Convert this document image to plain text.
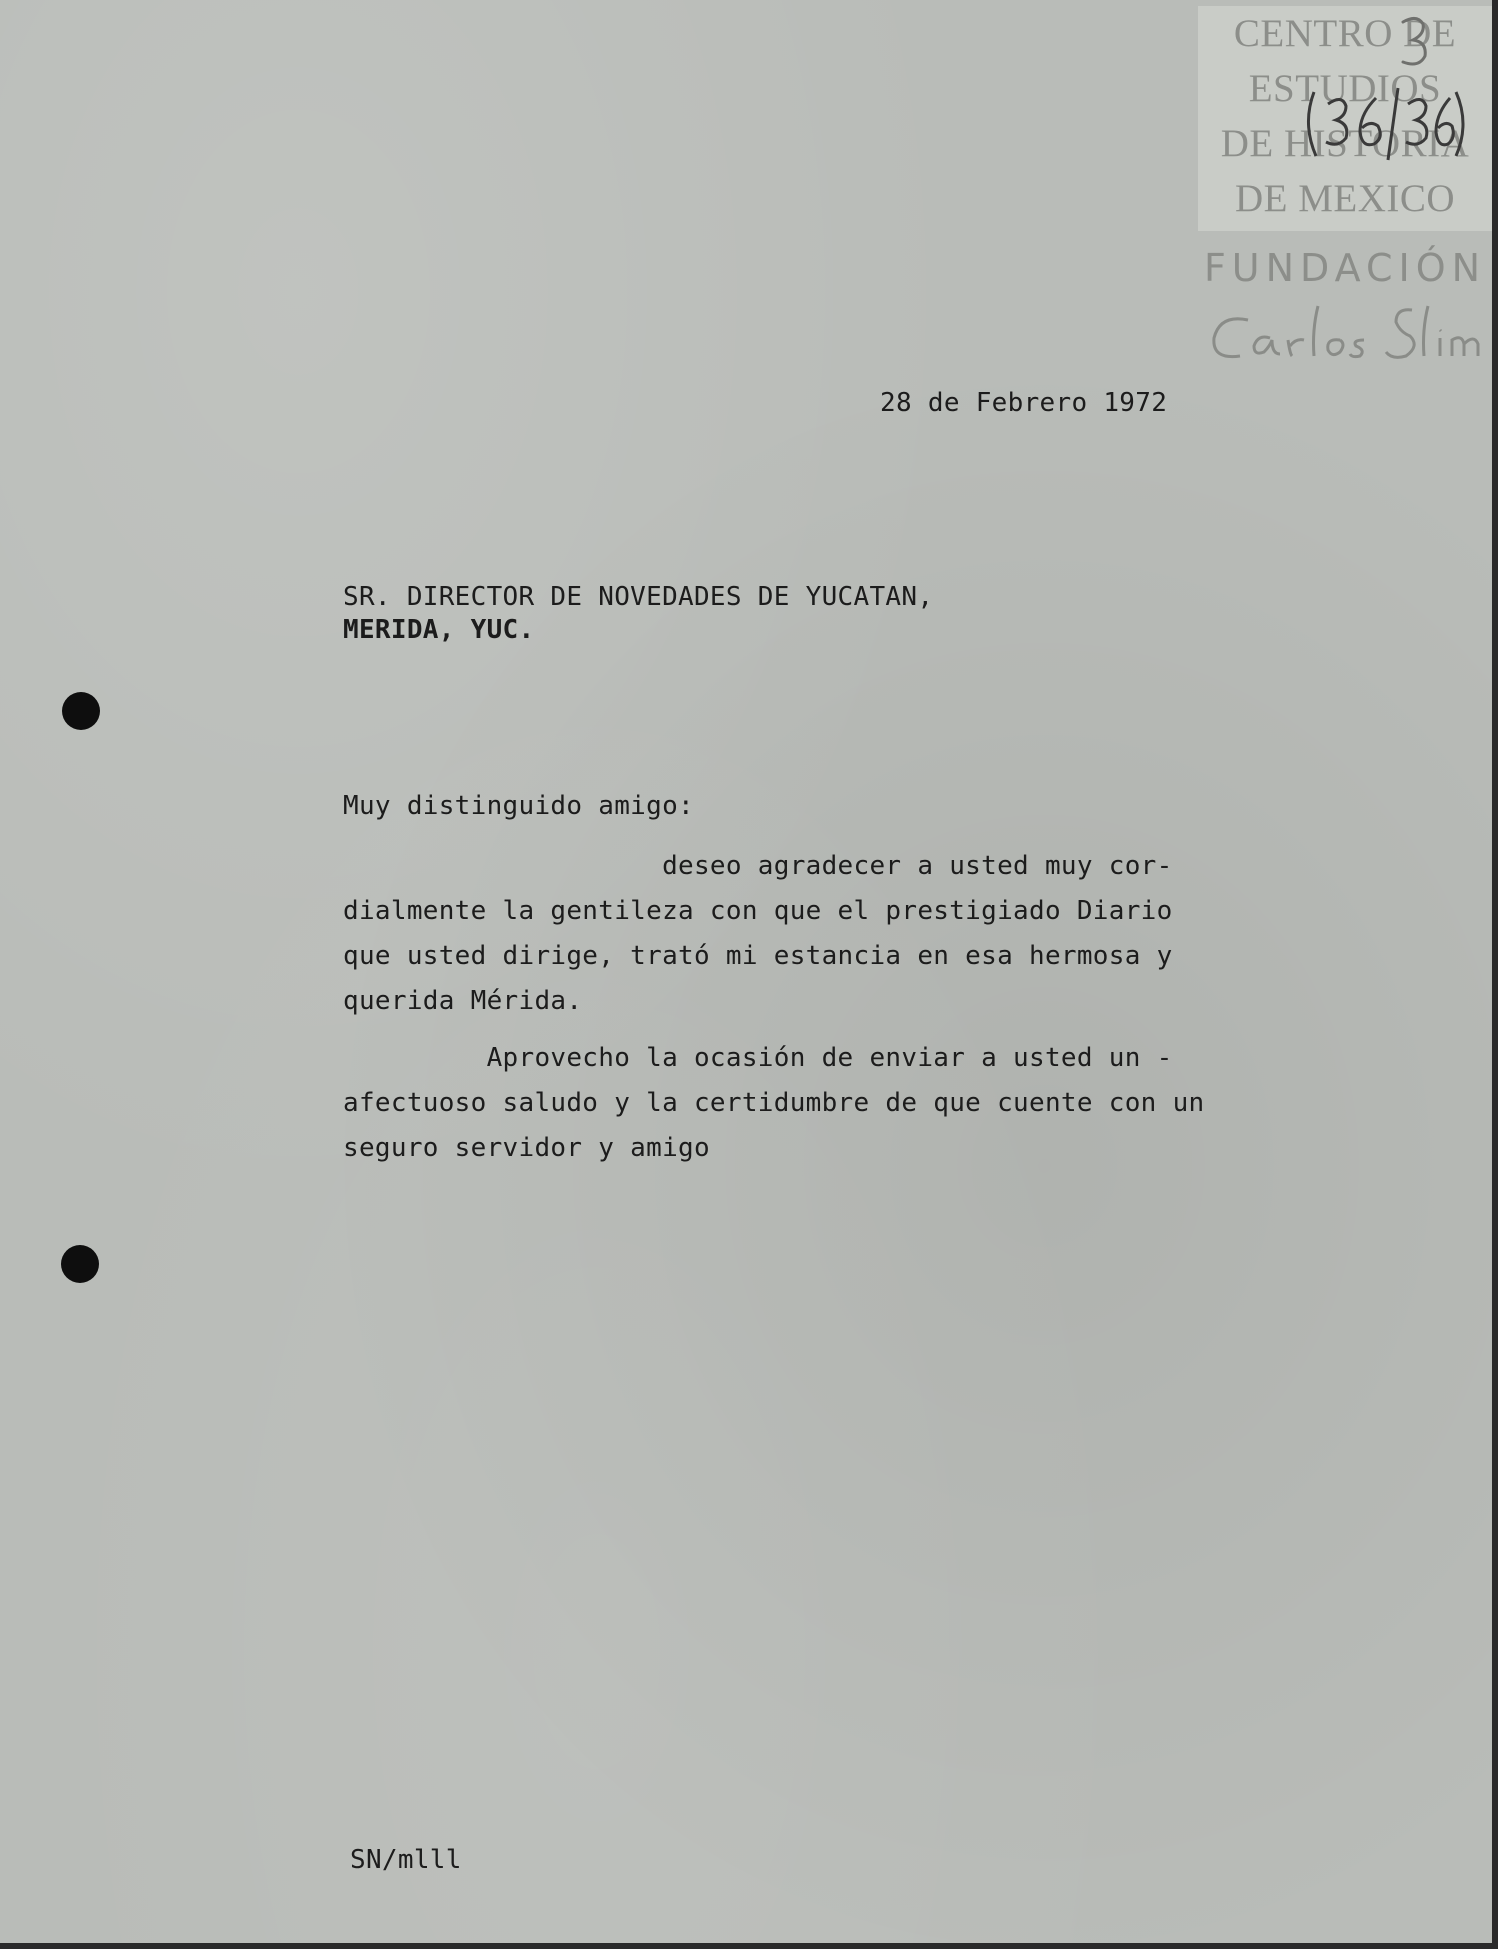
CENTRO DE
ESTUDIOS
DE HISTORIA
DE MEXICO
FUNDACIÓN
28 de Febrero 1972
SR. DIRECTOR DE NOVEDADES DE YUCATAN,
MERIDA, YUC.
Muy distinguido amigo:
deseo agradecer a usted muy cor-
dialmente la gentileza con que el prestigiado Diario
que usted dirige, trató mi estancia en esa hermosa y
querida Mérida.
Aprovecho la ocasión de enviar a usted un -
afectuoso saludo y la certidumbre de que cuente con un
seguro servidor y amigo
SN/mlll
